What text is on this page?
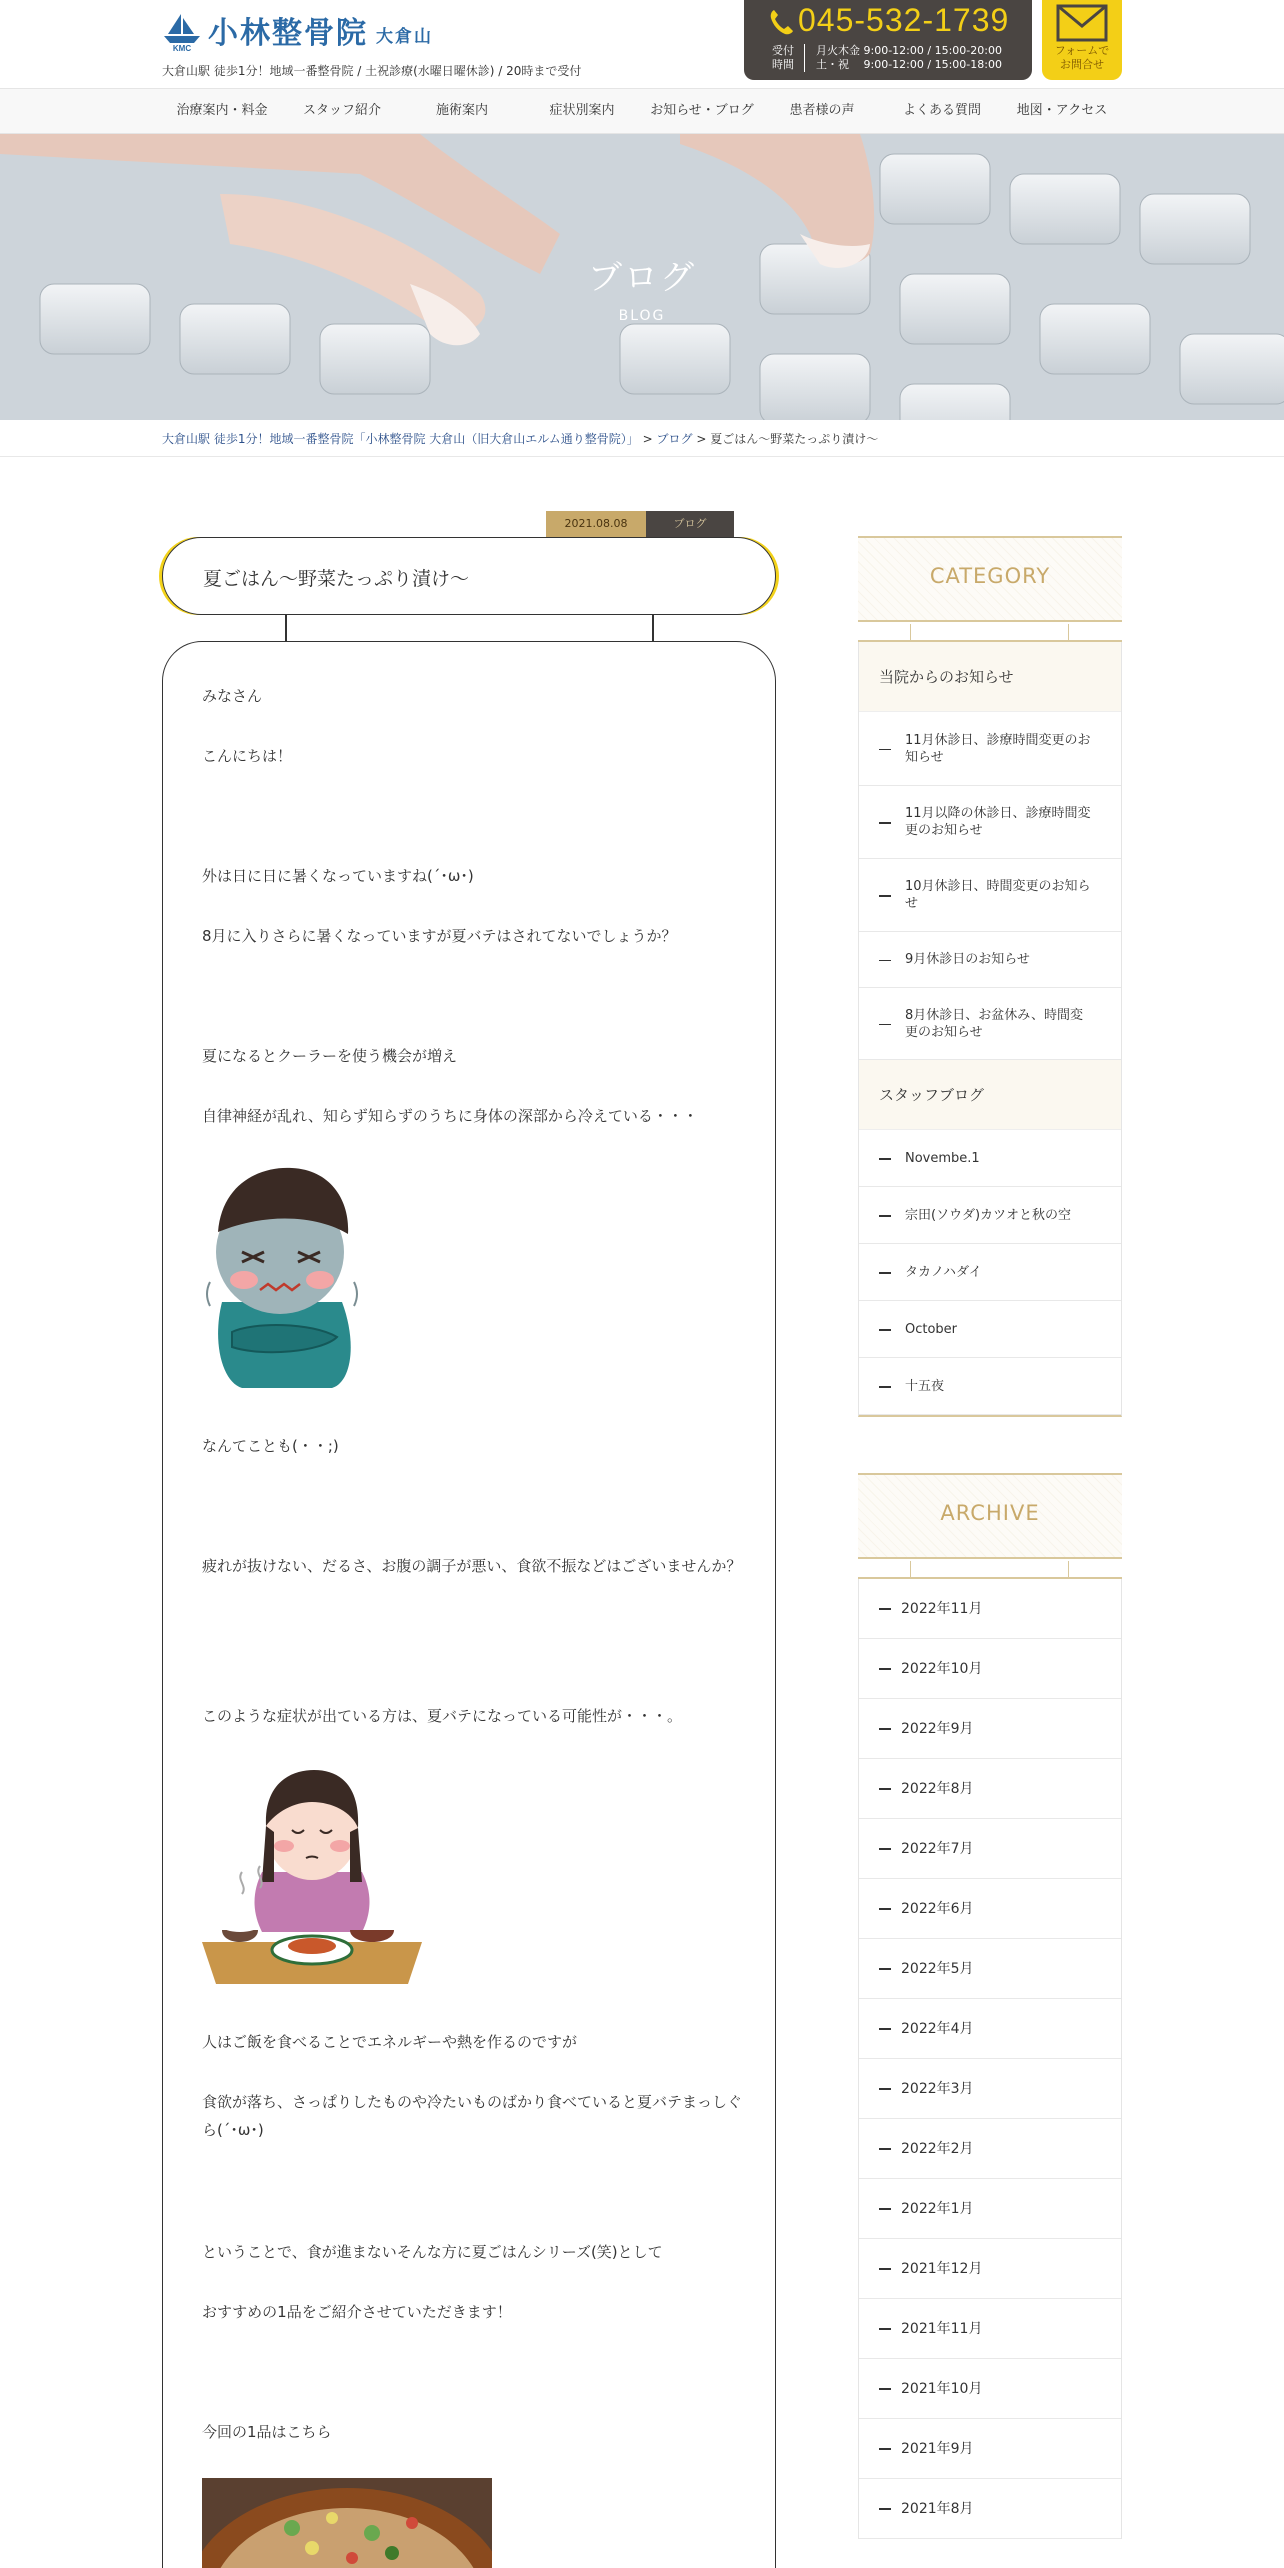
KMC 小林整骨院 大倉山
大倉山駅 徒歩1分！地域一番整骨院 / 土祝診療(水曜日曜休診) / 20時まで受付
045-532-1739
受付
時間
月火木金 9:00-12:00 / 15:00-20:00
土・祝　 9:00-12:00 / 15:00-18:00
フォームで
お問合せ
治療案内・料金	スタッフ紹介	施術案内	症状別案内	お知らせ・ブログ	患者様の声	よくある質問	地図・アクセス
ブログ
BLOG
大倉山駅 徒歩1分！地域一番整骨院「小林整骨院 大倉山（旧大倉山エルム通り整骨院）」 > ブログ > 夏ごはん～野菜たっぷり漬け～
2021.08.08	ブログ
夏ごはん～野菜たっぷり漬け～
みなさん
こんにちは！
外は日に日に暑くなっていますね(´･ω･)
8月に入りさらに暑くなっていますが夏バテはされてないでしょうか？
夏になるとクーラーを使う機会が増え
自律神経が乱れ、知らず知らずのうちに身体の深部から冷えている・・・
なんてことも(・・;)
疲れが抜けない、だるさ、お腹の調子が悪い、食欲不振などはございませんか？
このような症状が出ている方は、夏バテになっている可能性が・・・。
人はご飯を食べることでエネルギーや熱を作るのですが
食欲が落ち、さっぱりしたものや冷たいものばかり食べていると夏バテまっしぐら(´･ω･)
ということで、食が進まないそんな方に夏ごはんシリーズ(笑)として
おすすめの1品をご紹介させていただきます！
今回の1品はこちら
CATEGORY
当院からのお知らせ
11月休診日、診療時間変更のお知らせ
11月以降の休診日、診療時間変更のお知らせ
10月休診日、時間変更のお知らせ
9月休診日のお知らせ
8月休診日、お盆休み、時間変更のお知らせ
スタッフブログ
Novembe.1
宗田(ソウダ)カツオと秋の空
タカノハダイ
October
十五夜
ARCHIVE
2022年11月
2022年10月
2022年9月
2022年8月
2022年7月
2022年6月
2022年5月
2022年4月
2022年3月
2022年2月
2022年1月
2021年12月
2021年11月
2021年10月
2021年9月
2021年8月
